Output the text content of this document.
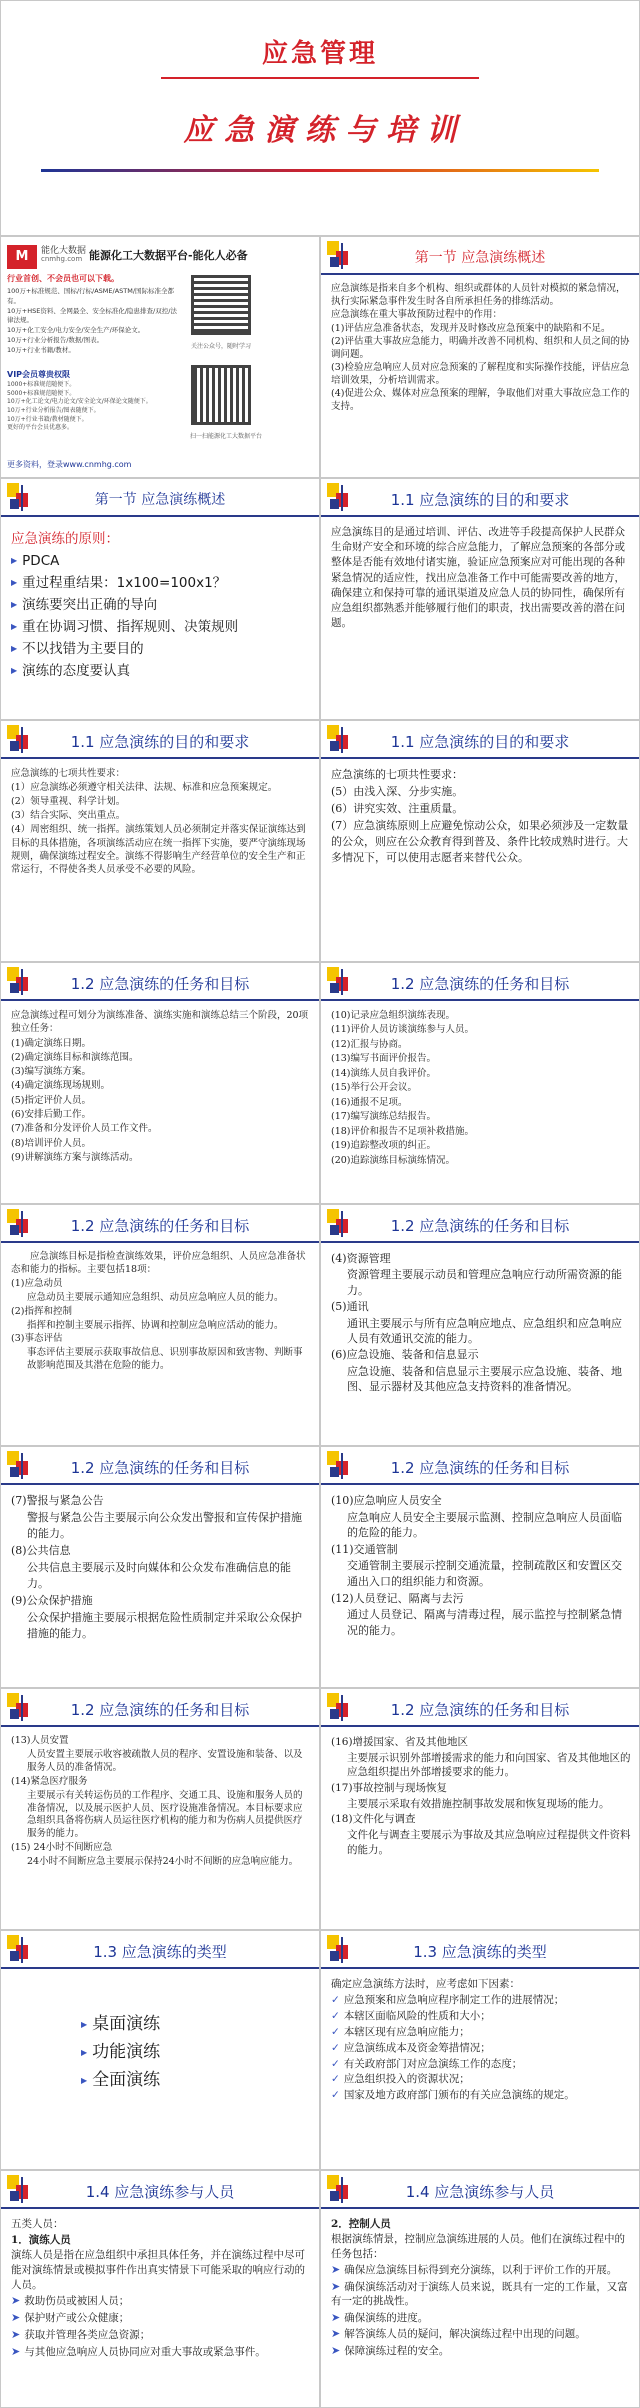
应急管理
应 急 演 练 与 培 训
M	能化大数据
cnmhg.com 能源化工大数据平台-能化人必备
行业首创、不会员也可以下载。
100万+标准规范、国标/行标/ASME/ASTM/国际标准全都有。
10万+HSE资料、全网最全、安全标准化/隐患排查/双控/法律法规。
10万+化工安全/电力安全/安全生产/环保论文。
10万+行业分析报告/数据/图表。
10万+行业书籍/教材。
VIP会员尊贵权限
1000+标准规范随便下。
5000+标准规范随便下。
10万+化工论文/电力论文/安全论文/环保论文随便下。
10万+行业分析报告/图表随便下。
10万+行业书籍/教材随便下。
更好的平台会员优惠多。
关注公众号，随时学习
扫一扫能源化工大数据平台
更多资料，登录www.cnmhg.com
第一节 应急演练概述

应急演练是指来自多个机构、组织或群体的人员针对模拟的紧急情况，执行实际紧急事件发生时各自所承担任务的排练活动。

应急演练在重大事故预防过程中的作用：

(1)评估应急准备状态，发现并及时修改应急预案中的缺陷和不足。

(2)评估重大事故应急能力，明确并改善不同机构、组织和人员之间的协调问题。

(3)检验应急响应人员对应急预案的了解程度和实际操作技能，评估应急培训效果，分析培训需求。

(4)促进公众、媒体对应急预案的理解，争取他们对重大事故应急工作的支持。

第一节 应急演练概述

应急演练的原则：

▶ PDCA

▶ 重过程重结果：1x100=100x1？

▶ 演练要突出正确的导向

▶ 重在协调习惯、指挥规则、决策规则

▶ 不以找错为主要目的

▶ 演练的态度要认真

1.1 应急演练的目的和要求

应急演练目的是通过培训、评估、改进等手段提高保护人民群众生命财产安全和环境的综合应急能力，了解应急预案的各部分或整体是否能有效地付诸实施，验证应急预案应对可能出现的各种紧急情况的适应性，找出应急准备工作中可能需要改善的地方，确保建立和保持可靠的通讯渠道及应急人员的协同性，确保所有应急组织都熟悉并能够履行他们的职责，找出需要改善的潜在问题。

1.1 应急演练的目的和要求

应急演练的七项共性要求：

(1）应急演练必须遵守相关法律、法规、标准和应急预案规定。

(2）领导重视、科学计划。

(3）结合实际、突出重点。

(4）周密组织、统一指挥。演练策划人员必须制定并落实保证演练达到目标的具体措施，各项演练活动应在统一指挥下实施，要严守演练现场规则，确保演练过程安全。演练不得影响生产经营单位的安全生产和正常运行，不得使各类人员承受不必要的风险。

1.1 应急演练的目的和要求

应急演练的七项共性要求：

(5）由浅入深、分步实施。

(6）讲究实效、注重质量。

(7）应急演练原则上应避免惊动公众，如果必须涉及一定数量的公众，则应在公众教育得到普及、条件比较成熟时进行。大多情况下，可以使用志愿者来替代公众。

1.2 应急演练的任务和目标

应急演练过程可划分为演练准备、演练实施和演练总结三个阶段，20项独立任务：

(1)确定演练日期。

(2)确定演练目标和演练范围。

(3)编写演练方案。

(4)确定演练现场规则。

(5)指定评价人员。

(6)安排后勤工作。

(7)准备和分发评价人员工作文件。

(8)培训评价人员。

(9)讲解演练方案与演练活动。

1.2 应急演练的任务和目标

(10)记录应急组织演练表现。

(11)评价人员访谈演练参与人员。

(12)汇报与协商。

(13)编写书面评价报告。

(14)演练人员自我评价。

(15)举行公开会议。

(16)通报不足项。

(17)编写演练总结报告。

(18)评价和报告不足项补救措施。

(19)追踪整改项的纠正。

(20)追踪演练目标演练情况。

1.2 应急演练的任务和目标

应急演练目标是指检查演练效果，评价应急组织、人员应急准备状态和能力的指标。主要包括18项：

(1)应急动员

应急动员主要展示通知应急组织、动员应急响应人员的能力。

(2)指挥和控制

指挥和控制主要展示指挥、协调和控制应急响应活动的能力。

(3)事态评估

事态评估主要展示获取事故信息、识别事故原因和致害物、判断事故影响范围及其潜在危险的能力。

1.2 应急演练的任务和目标

(4)资源管理

资源管理主要展示动员和管理应急响应行动所需资源的能力。

(5)通讯

通讯主要展示与所有应急响应地点、应急组织和应急响应人员有效通讯交流的能力。

(6)应急设施、装备和信息显示

应急设施、装备和信息显示主要展示应急设施、装备、地图、显示器材及其他应急支持资料的准备情况。

1.2 应急演练的任务和目标

(7)警报与紧急公告

警报与紧急公告主要展示向公众发出警报和宣传保护措施的能力。

(8)公共信息

公共信息主要展示及时向媒体和公众发布准确信息的能力。

(9)公众保护措施

公众保护措施主要展示根据危险性质制定并采取公众保护措施的能力。

1.2 应急演练的任务和目标

(10)应急响应人员安全

应急响应人员安全主要展示监测、控制应急响应人员面临的危险的能力。

(11)交通管制

交通管制主要展示控制交通流量，控制疏散区和安置区交通出入口的组织能力和资源。

(12)人员登记、隔离与去污

通过人员登记、隔离与清毒过程，展示监控与控制紧急情况的能力。

1.2 应急演练的任务和目标

(13)人员安置

人员安置主要展示收容被疏散人员的程序、安置设施和装备、以及服务人员的准备情况。

(14)紧急医疗服务

主要展示有关转运伤员的工作程序、交通工具、设施和服务人员的准备情况，以及展示医护人员、医疗设施准备情况。本目标要求应急组织具备将伤病人员运往医疗机构的能力和为伤病人员提供医疗服务的能力。

(15) 24小时不间断应急

24小时不间断应急主要展示保持24小时不间断的应急响应能力。

1.2 应急演练的任务和目标

(16)增援国家、省及其他地区

主要展示识别外部增援需求的能力和向国家、省及其他地区的应急组织提出外部增援要求的能力。

(17)事故控制与现场恢复

主要展示采取有效措施控制事故发展和恢复现场的能力。

(18)文件化与调查

文件化与调查主要展示为事故及其应急响应过程提供文件资料的能力。

1.3 应急演练的类型

▶ 桌面演练

▶ 功能演练

▶ 全面演练

1.3 应急演练的类型

确定应急演练方法时，应考虑如下因素：

✓ 应急预案和应急响应程序制定工作的进展情况；

✓ 本辖区面临风险的性质和大小；

✓ 本辖区现有应急响应能力；

✓ 应急演练成本及资金筹措情况；

✓ 有关政府部门对应急演练工作的态度；

✓ 应急组织投入的资源状况；

✓ 国家及地方政府部门颁布的有关应急演练的规定。

1.4 应急演练参与人员

五类人员：

1．演练人员

演练人员是指在应急组织中承担具体任务，并在演练过程中尽可能对演练情景或模拟事件作出真实情景下可能采取的响应行动的人员。

➤ 救助伤员或被困人员；

➤ 保护财产或公众健康；

➤ 获取并管理各类应急资源；

➤ 与其他应急响应人员协同应对重大事故或紧急事件。

1.4 应急演练参与人员

2．控制人员

根据演练情景，控制应急演练进展的人员。他们在演练过程中的任务包括：

➤ 确保应急演练目标得到充分演练，以利于评价工作的开展。

➤ 确保演练活动对于演练人员来说，既具有一定的工作量，又富有一定的挑战性。

➤ 确保演练的进度。

➤ 解答演练人员的疑问，解决演练过程中出现的问题。

➤ 保障演练过程的安全。
